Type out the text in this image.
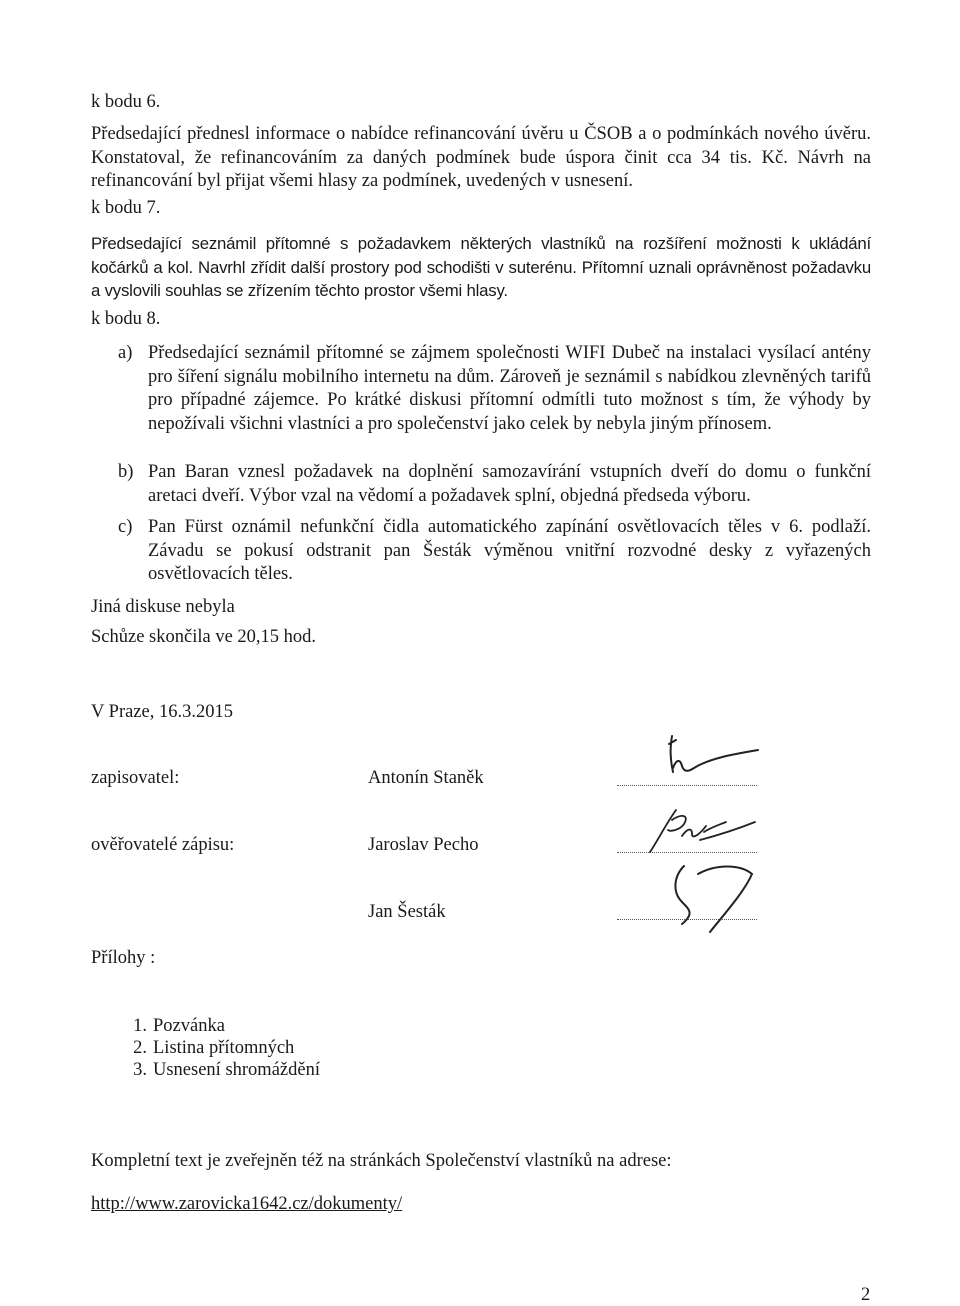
k bodu 6.
Předsedající přednesl informace o nabídce refinancování úvěru u ČSOB a o podmínkách nového úvěru. Konstatoval, že refinancováním za daných podmínek bude úspora činit cca 34 tis. Kč. Návrh na refinancování byl přijat všemi hlasy za podmínek, uvedených v usnesení.
k bodu 7.
Předsedající seznámil přítomné s požadavkem některých vlastníků na rozšíření možnosti k ukládání kočárků a kol. Navrhl zřídit další prostory pod schodišti v suterénu. Přítomní uznali oprávněnost požadavku a vyslovili souhlas se zřízením těchto prostor všemi hlasy.
k bodu 8.
a) Předsedající seznámil přítomné se zájmem společnosti WIFI Dubeč na instalaci vysílací antény pro šíření signálu mobilního internetu na dům. Zároveň je seznámil s nabídkou zlevněných tarifů pro případné zájemce. Po krátké diskusi přítomní odmítli tuto možnost s tím, že výhody by nepožívali všichni vlastníci a pro společenství jako celek by nebyla jiným přínosem.
b) Pan Baran vznesl požadavek na doplnění samozavírání vstupních dveří do domu o funkční aretaci dveří. Výbor vzal na vědomí a požadavek splní, objedná předseda výboru.
c) Pan Fürst oznámil nefunkční čidla automatického zapínání osvětlovacích těles v 6. podlaží. Závadu se pokusí odstranit pan Šesták výměnou vnitřní rozvodné desky z vyřazených osvětlovacích těles.
Jiná diskuse nebyla
Schůze skončila ve 20,15 hod.
V Praze, 16.3.2015
zapisovatel:	Antonín Staněk
ověřovatelé zápisu:	Jaroslav Pecho
Jan Šesták
Přílohy :
1. Pozvánka
2. Listina přítomných
3. Usnesení shromáždění
Kompletní text je zveřejněn též na stránkách Společenství vlastníků na adrese:
http://www.zarovicka1642.cz/dokumenty/
2
